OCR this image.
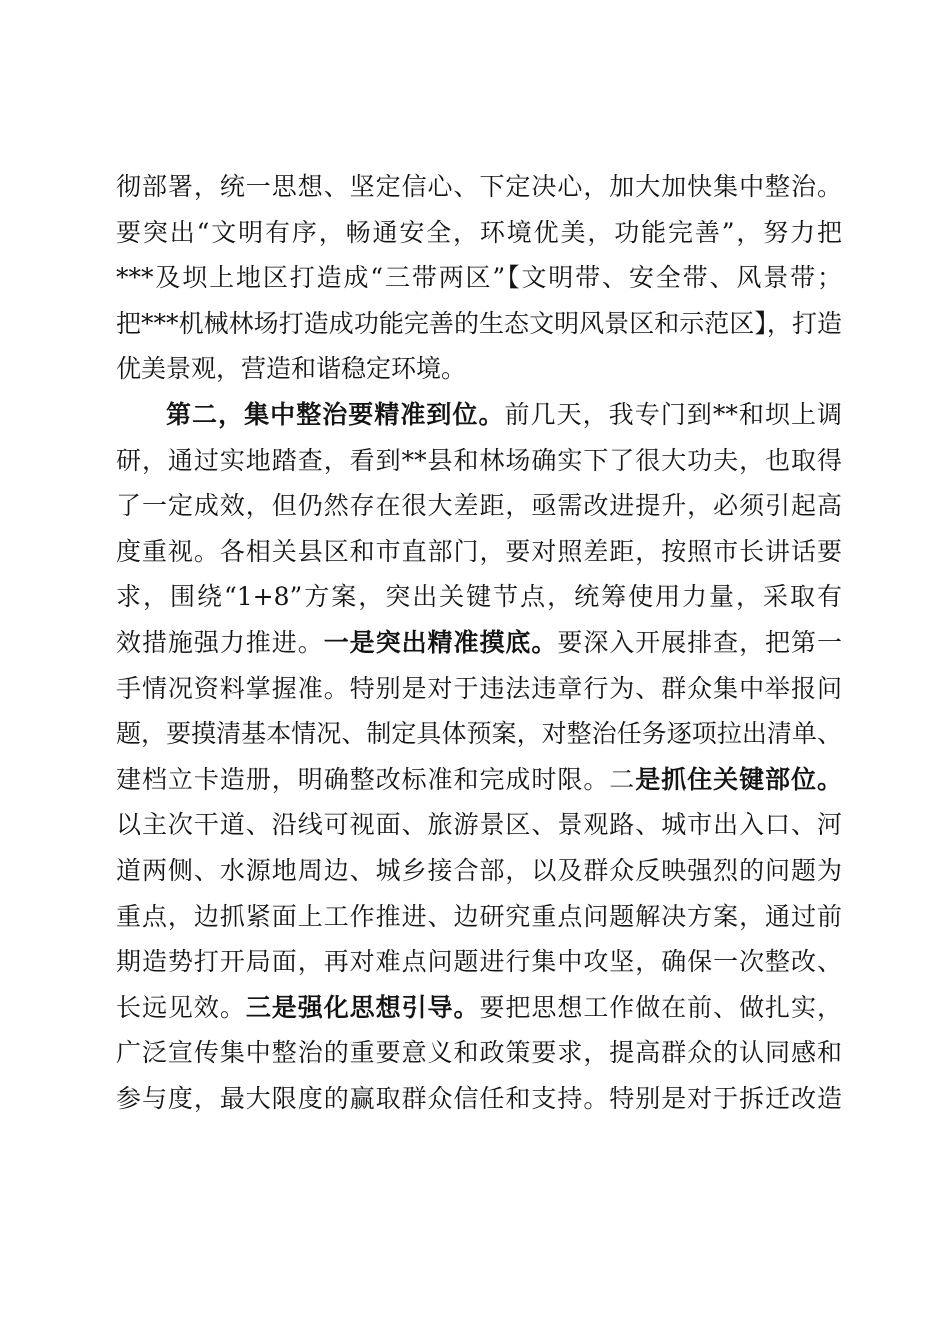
彻部署，统一思想、坚定信心、下定决心，加大加快集中整治。
要突出“文明有序，畅通安全，环境优美，功能完善”，努力把
***及坝上地区打造成“三带两区”【文明带、安全带、风景带；
把***机械林场打造成功能完善的生态文明风景区和示范区】，打造
优美景观，营造和谐稳定环境。
第二，集中整治要精准到位。前几天，我专门到**和坝上调
研，通过实地踏查，看到**县和林场确实下了很大功夫，也取得
了一定成效，但仍然存在很大差距，亟需改进提升，必须引起高
度重视。各相关县区和市直部门，要对照差距，按照市长讲话要
求，围绕“1+8”方案，突出关键节点，统筹使用力量，采取有
效措施强力推进。一是突出精准摸底。要深入开展排查，把第一
手情况资料掌握准。特别是对于违法违章行为、群众集中举报问
题，要摸清基本情况、制定具体预案，对整治任务逐项拉出清单、
建档立卡造册，明确整改标准和完成时限。二是抓住关键部位。
以主次干道、沿线可视面、旅游景区、景观路、城市出入口、河
道两侧、水源地周边、城乡接合部，以及群众反映强烈的问题为
重点，边抓紧面上工作推进、边研究重点问题解决方案，通过前
期造势打开局面，再对难点问题进行集中攻坚，确保一次整改、
长远见效。三是强化思想引导。要把思想工作做在前、做扎实，
广泛宣传集中整治的重要意义和政策要求，提高群众的认同感和
参与度，最大限度的赢取群众信任和支持。特别是对于拆迁改造
